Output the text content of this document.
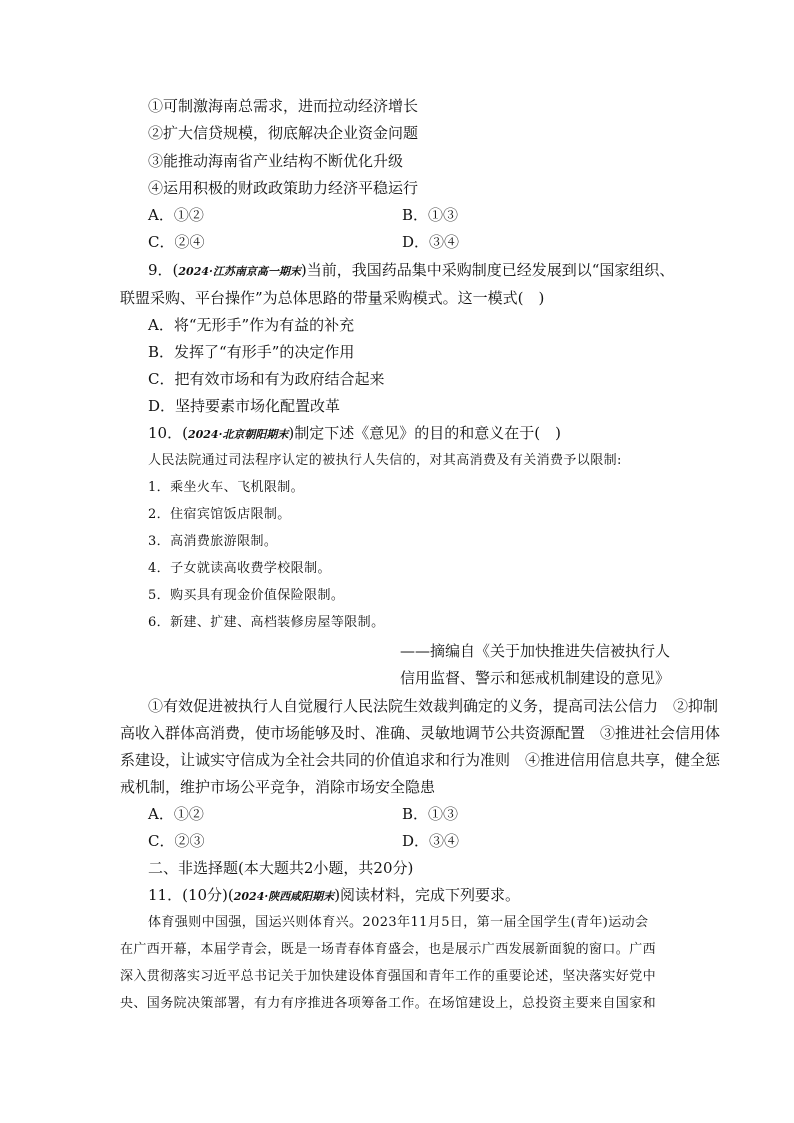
①可制激海南总需求，进而拉动经济增长
②扩大信贷规模，彻底解决企业资金问题
③能推动海南省产业结构不断优化升级
④运用积极的财政政策助力经济平稳运行
A．①②	B．①③
C．②④	D．③④
9．(2024·江苏南京高一期末)当前，我国药品集中采购制度已经发展到以“国家组织、
联盟采购、平台操作”为总体思路的带量采购模式。这一模式(　)
A．将“无形手”作为有益的补充
B．发挥了“有形手”的决定作用
C．把有效市场和有为政府结合起来
D．坚持要素市场化配置改革
10．(2024·北京朝阳期末)制定下述《意见》的目的和意义在于(　)
人民法院通过司法程序认定的被执行人失信的，对其高消费及有关消费予以限制:
1．乘坐火车、飞机限制。
2．住宿宾馆饭店限制。
3．高消费旅游限制。
4．子女就读高收费学校限制。
5．购买具有现金价值保险限制。
6．新建、扩建、高档装修房屋等限制。
——摘编自《关于加快推进失信被执行人
信用监督、警示和惩戒机制建设的意见》
①有效促进被执行人自觉履行人民法院生效裁判确定的义务，提高司法公信力　②抑制
高收入群体高消费，使市场能够及时、准确、灵敏地调节公共资源配置　③推进社会信用体
系建设，让诚实守信成为全社会共同的价值追求和行为准则　④推进信用信息共享，健全惩
戒机制，维护市场公平竞争，消除市场安全隐患
A．①②	B．①③
C．②③	D．③④
二、非选择题(本大题共2小题，共20分)
11．(10分)(2024·陕西咸阳期末)阅读材料，完成下列要求。
体育强则中国强，国运兴则体育兴。2023年11月5日，第一届全国学生(青年)运动会
在广西开幕，本届学青会，既是一场青春体育盛会，也是展示广西发展新面貌的窗口。广西
深入贯彻落实习近平总书记关于加快建设体育强国和青年工作的重要论述，坚决落实好党中
央、国务院决策部署，有力有序推进各项筹备工作。在场馆建设上，总投资主要来自国家和
